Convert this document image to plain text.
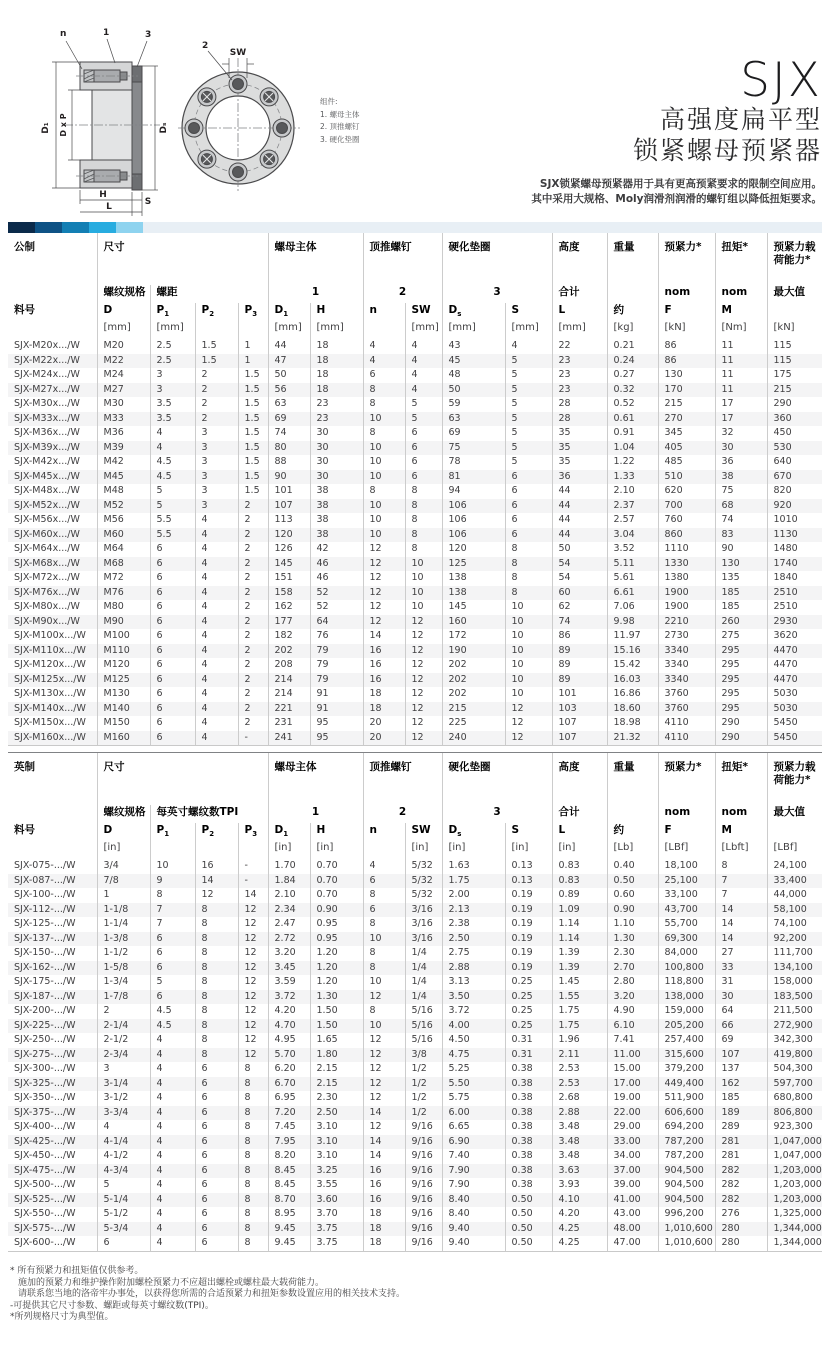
n	1	3
D₁ D x P	Dₛ
H
S
L
2
SW
组件:
1. 螺母主体
2. 顶推螺钉
3. 硬化垫圈
SJX
高强度扁平型
锁紧螺母预紧器
SJX锁紧螺母预紧器用于具有更高预紧要求的限制空间应用。
其中采用大规格、Moly润滑剂润滑的螺钉组以降低扭矩要求。
公制	尺寸				螺母主体		顶推螺钉		硬化垫圈		高度	重量	预紧力*	扭矩*	预紧力载荷能力*
	螺纹规格	螺距			1		2		3		合计		nom	nom	最大值
料号	D	$P_1$	$P_2$	$P_3$	$D_1$	H	n	SW	$D_s$	S	L	约	F	M	
	[mm]	[mm]			[mm]	[mm]		[mm]	[mm]	[mm]	[mm]	[kg]	[kN]	[Nm]	[kN]
SJX-M20x.../W	M20	2.5	1.5	1	44	18	4	4	43	4	22	0.21	86	11	115
SJX-M22x.../W	M22	2.5	1.5	1	47	18	4	4	45	5	23	0.24	86	11	115
SJX-M24x.../W	M24	3	2	1.5	50	18	6	4	48	5	23	0.27	130	11	175
SJX-M27x.../W	M27	3	2	1.5	56	18	8	4	50	5	23	0.32	170	11	215
SJX-M30x.../W	M30	3.5	2	1.5	63	23	8	5	59	5	28	0.52	215	17	290
SJX-M33x.../W	M33	3.5	2	1.5	69	23	10	5	63	5	28	0.61	270	17	360
SJX-M36x.../W	M36	4	3	1.5	74	30	8	6	69	5	35	0.91	345	32	450
SJX-M39x.../W	M39	4	3	1.5	80	30	10	6	75	5	35	1.04	405	30	530
SJX-M42x.../W	M42	4.5	3	1.5	88	30	10	6	78	5	35	1.22	485	36	640
SJX-M45x.../W	M45	4.5	3	1.5	90	30	10	6	81	6	36	1.33	510	38	670
SJX-M48x.../W	M48	5	3	1.5	101	38	8	8	94	6	44	2.10	620	75	820
SJX-M52x.../W	M52	5	3	2	107	38	10	8	106	6	44	2.37	700	68	920
SJX-M56x.../W	M56	5.5	4	2	113	38	10	8	106	6	44	2.57	760	74	1010
SJX-M60x.../W	M60	5.5	4	2	120	38	10	8	106	6	44	3.04	860	83	1130
SJX-M64x.../W	M64	6	4	2	126	42	12	8	120	8	50	3.52	1110	90	1480
SJX-M68x.../W	M68	6	4	2	145	46	12	10	125	8	54	5.11	1330	130	1740
SJX-M72x.../W	M72	6	4	2	151	46	12	10	138	8	54	5.61	1380	135	1840
SJX-M76x.../W	M76	6	4	2	158	52	12	10	138	8	60	6.61	1900	185	2510
SJX-M80x.../W	M80	6	4	2	162	52	12	10	145	10	62	7.06	1900	185	2510
SJX-M90x.../W	M90	6	4	2	177	64	12	12	160	10	74	9.98	2210	260	2930
SJX-M100x.../W	M100	6	4	2	182	76	14	12	172	10	86	11.97	2730	275	3620
SJX-M110x.../W	M110	6	4	2	202	79	16	12	190	10	89	15.16	3340	295	4470
SJX-M120x.../W	M120	6	4	2	208	79	16	12	202	10	89	15.42	3340	295	4470
SJX-M125x.../W	M125	6	4	2	214	79	16	12	202	10	89	16.03	3340	295	4470
SJX-M130x.../W	M130	6	4	2	214	91	18	12	202	10	101	16.86	3760	295	5030
SJX-M140x.../W	M140	6	4	2	221	91	18	12	215	12	103	18.60	3760	295	5030
SJX-M150x.../W	M150	6	4	2	231	95	20	12	225	12	107	18.98	4110	290	5450
SJX-M160x.../W	M160	6	4	-	241	95	20	12	240	12	107	21.32	4110	290	5450
英制	尺寸				螺母主体		顶推螺钉		硬化垫圈		高度	重量	预紧力*	扭矩*	预紧力载荷能力*
	螺纹规格	每英寸螺纹数TPI			1		2		3		合计		nom	nom	最大值
料号	D	$P_1$	$P_2$	$P_3$	$D_1$	H	n	SW	$D_s$	S	L	约	F	M	
	[in]				[in]	[in]		[in]	[in]	[in]	[in]	[Lb]	[LBf]	[Lbft]	[LBf]
SJX-075-.../W	3/4	10	16	-	1.70	0.70	4	5/32	1.63	0.13	0.83	0.40	18,100	8	24,100
SJX-087-.../W	7/8	9	14	-	1.84	0.70	6	5/32	1.75	0.13	0.83	0.50	25,100	7	33,400
SJX-100-.../W	1	8	12	14	2.10	0.70	8	5/32	2.00	0.19	0.89	0.60	33,100	7	44,000
SJX-112-.../W	1-1/8	7	8	12	2.34	0.90	6	3/16	2.13	0.19	1.09	0.90	43,700	14	58,100
SJX-125-.../W	1-1/4	7	8	12	2.47	0.95	8	3/16	2.38	0.19	1.14	1.10	55,700	14	74,100
SJX-137-.../W	1-3/8	6	8	12	2.72	0.95	10	3/16	2.50	0.19	1.14	1.30	69,300	14	92,200
SJX-150-.../W	1-1/2	6	8	12	3.20	1.20	8	1/4	2.75	0.19	1.39	2.30	84,000	27	111,700
SJX-162-.../W	1-5/8	6	8	12	3.45	1.20	8	1/4	2.88	0.19	1.39	2.70	100,800	33	134,100
SJX-175-.../W	1-3/4	5	8	12	3.59	1.20	10	1/4	3.13	0.25	1.45	2.80	118,800	31	158,000
SJX-187-.../W	1-7/8	6	8	12	3.72	1.30	12	1/4	3.50	0.25	1.55	3.20	138,000	30	183,500
SJX-200-.../W	2	4.5	8	12	4.20	1.50	8	5/16	3.72	0.25	1.75	4.90	159,000	64	211,500
SJX-225-.../W	2-1/4	4.5	8	12	4.70	1.50	10	5/16	4.00	0.25	1.75	6.10	205,200	66	272,900
SJX-250-.../W	2-1/2	4	8	12	4.95	1.65	12	5/16	4.50	0.31	1.96	7.41	257,400	69	342,300
SJX-275-.../W	2-3/4	4	8	12	5.70	1.80	12	3/8	4.75	0.31	2.11	11.00	315,600	107	419,800
SJX-300-.../W	3	4	6	8	6.20	2.15	12	1/2	5.25	0.38	2.53	15.00	379,200	137	504,300
SJX-325-.../W	3-1/4	4	6	8	6.70	2.15	12	1/2	5.50	0.38	2.53	17.00	449,400	162	597,700
SJX-350-.../W	3-1/2	4	6	8	6.95	2.30	12	1/2	5.75	0.38	2.68	19.00	511,900	185	680,800
SJX-375-.../W	3-3/4	4	6	8	7.20	2.50	14	1/2	6.00	0.38	2.88	22.00	606,600	189	806,800
SJX-400-.../W	4	4	6	8	7.45	3.10	12	9/16	6.65	0.38	3.48	29.00	694,200	289	923,300
SJX-425-.../W	4-1/4	4	6	8	7.95	3.10	14	9/16	6.90	0.38	3.48	33.00	787,200	281	1,047,000
SJX-450-.../W	4-1/2	4	6	8	8.20	3.10	14	9/16	7.40	0.38	3.48	34.00	787,200	281	1,047,000
SJX-475-.../W	4-3/4	4	6	8	8.45	3.25	16	9/16	7.90	0.38	3.63	37.00	904,500	282	1,203,000
SJX-500-.../W	5	4	6	8	8.45	3.55	16	9/16	7.90	0.38	3.93	39.00	904,500	282	1,203,000
SJX-525-.../W	5-1/4	4	6	8	8.70	3.60	16	9/16	8.40	0.50	4.10	41.00	904,500	282	1,203,000
SJX-550-.../W	5-1/2	4	6	8	8.95	3.70	18	9/16	8.40	0.50	4.20	43.00	996,200	276	1,325,000
SJX-575-.../W	5-3/4	4	6	8	9.45	3.75	18	9/16	9.40	0.50	4.25	48.00	1,010,600	280	1,344,000
SJX-600-.../W	6	4	6	8	9.45	3.75	18	9/16	9.40	0.50	4.25	47.00	1,010,600	280	1,344,000
* 所有预紧力和扭矩值仅供参考。
施加的预紧力和维护操作附加螺栓预紧力不应超出螺栓或螺柱最大载荷能力。
请联系您当地的洛帝牢办事处，以获得您所需的合适预紧力和扭矩参数设置应用的相关技术支持。
-可提供其它尺寸参数、螺距或每英寸螺纹数(TPI)。
*所列规格尺寸为典型值。
